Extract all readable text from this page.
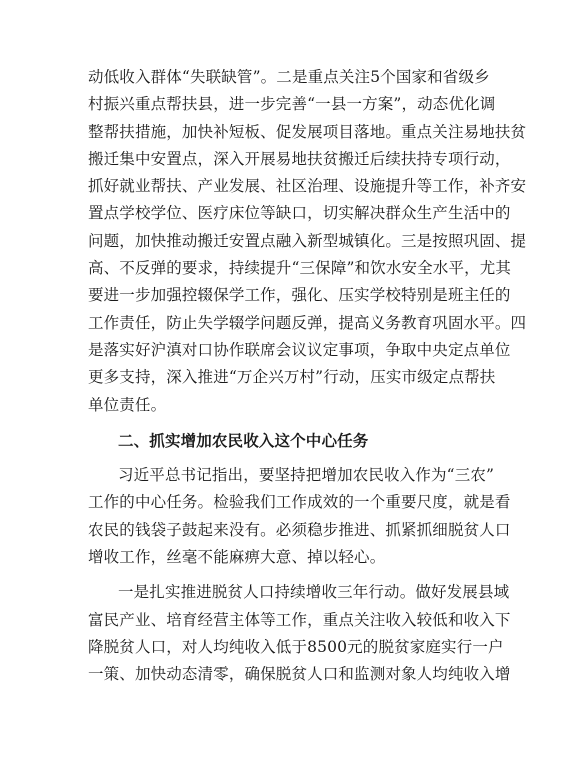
动低收入群体“失联缺管”。二是重点关注5个国家和省级乡
村振兴重点帮扶县，进一步完善“一县一方案”，动态优化调
整帮扶措施，加快补短板、促发展项目落地。重点关注易地扶贫
搬迁集中安置点，深入开展易地扶贫搬迁后续扶持专项行动，
抓好就业帮扶、产业发展、社区治理、设施提升等工作，补齐安
置点学校学位、医疗床位等缺口，切实解决群众生产生活中的
问题，加快推动搬迁安置点融入新型城镇化。三是按照巩固、提
高、不反弹的要求，持续提升“三保障”和饮水安全水平，尤其
要进一步加强控辍保学工作，强化、压实学校特别是班主任的
工作责任，防止失学辍学问题反弹，提高义务教育巩固水平。四
是落实好沪滇对口协作联席会议议定事项，争取中央定点单位
更多支持，深入推进“万企兴万村”行动，压实市级定点帮扶
单位责任。
二、抓实增加农民收入这个中心任务
习近平总书记指出，要坚持把增加农民收入作为“三农”
工作的中心任务。检验我们工作成效的一个重要尺度，就是看
农民的钱袋子鼓起来没有。必须稳步推进、抓紧抓细脱贫人口
增收工作，丝毫不能麻痹大意、掉以轻心。
一是扎实推进脱贫人口持续增收三年行动。做好发展县域
富民产业、培育经营主体等工作，重点关注收入较低和收入下
降脱贫人口，对人均纯收入低于8500元的脱贫家庭实行一户
一策、加快动态清零，确保脱贫人口和监测对象人均纯收入增
